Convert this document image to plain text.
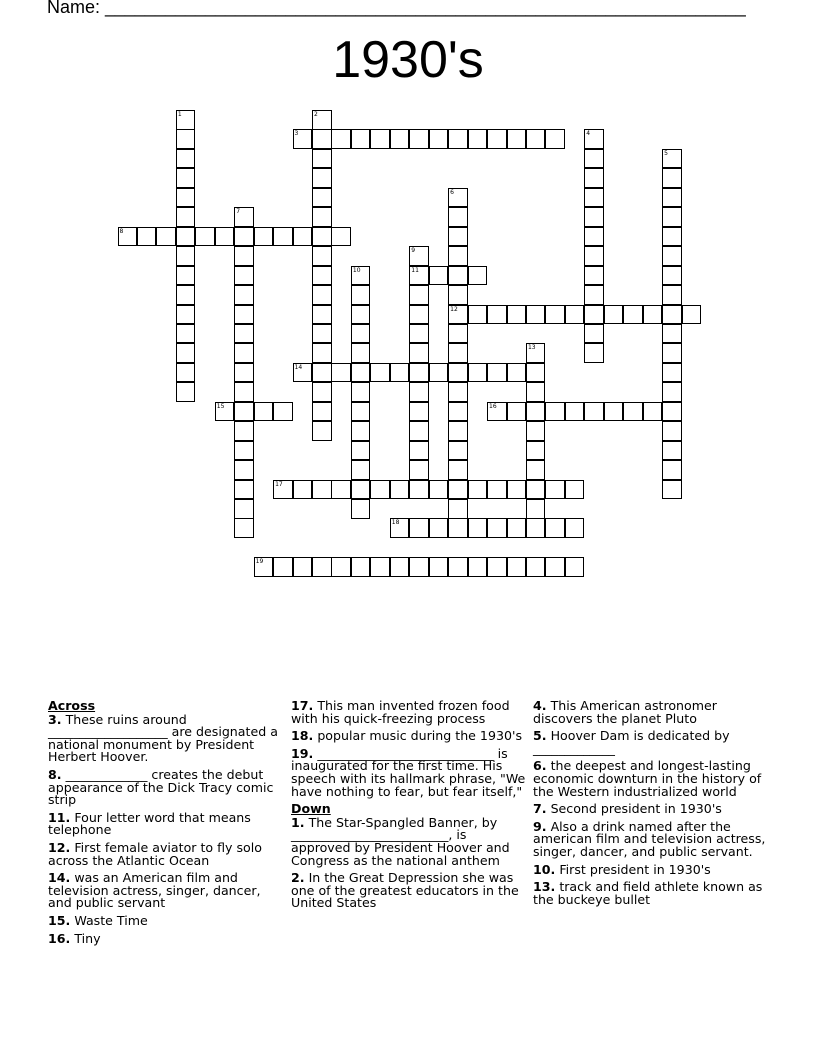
Name: ________________________________________________________________
1930's
1	2
3	4
5
6
12
7
8
9
11
10
13
14
15	16
17
18
19
Across
3. These ruins around ___________________ are designated a national monument by President Herbert Hoover.
8. _____________ creates the debut appearance of the Dick Tracy comic strip
11. Four letter word that means telephone
12. First female aviator to fly solo across the Atlantic Ocean
14. was an American film and television actress, singer, dancer, and public servant
15. Waste Time
16. Tiny
17. This man invented frozen food with his quick-freezing process
18. popular music during the 1930's
19. ____________________________ is inaugurated for the first time. His speech with its hallmark phrase, "We have nothing to fear, but fear itself,"
Down
1. The Star-Spangled Banner, by _________________________, is approved by President Hoover and Congress as the national anthem
2. In the Great Depression she was one of the greatest educators in the United States
4. This American astronomer discovers the planet Pluto
5. Hoover Dam is dedicated by _____________
6. the deepest and longest-lasting economic downturn in the history of the Western industrialized world
7. Second president in 1930's
9. Also a drink named after the american film and television actress, singer, dancer, and public servant.
10. First president in 1930's
13. track and field athlete known as the buckeye bullet
